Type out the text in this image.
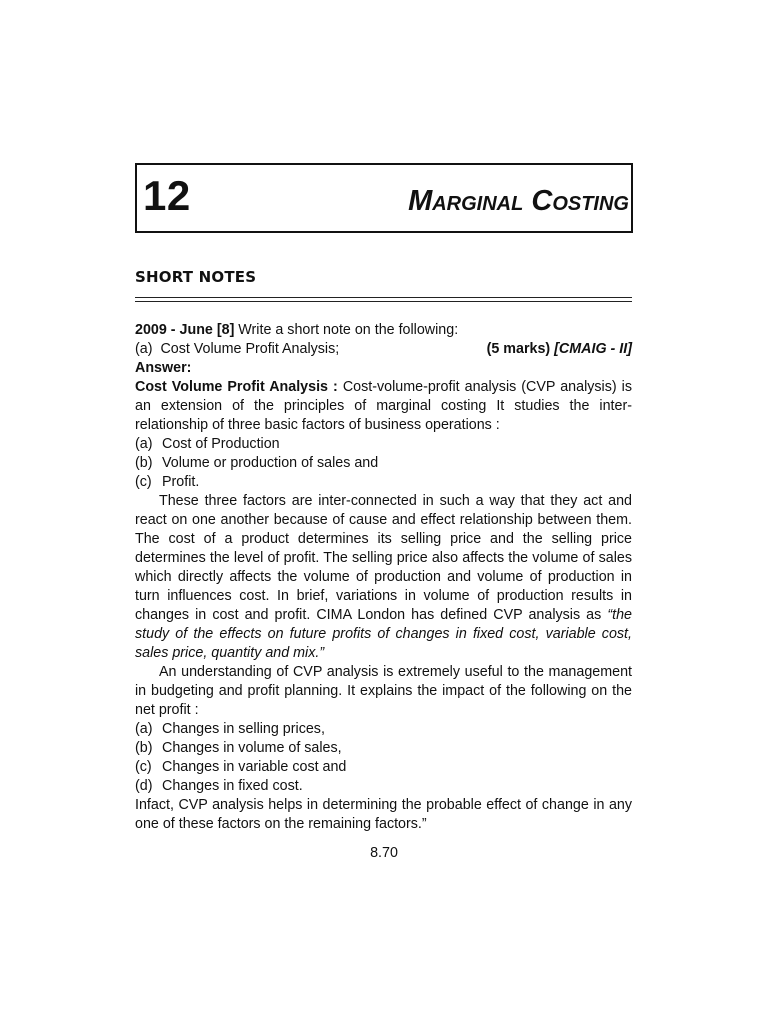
12	Marginal Costing
SHORT NOTES

2009 - June [8] Write a short note on the following:

(a) Cost Volume Profit Analysis;	(5 marks) [CMAIG - II]

Answer:

Cost Volume Profit Analysis : Cost-volume-profit analysis (CVP analysis) is an extension of the principles of marginal costing It studies the inter-relationship of three basic factors of business operations :

(a) Cost of Production
(b) Volume or production of sales and
(c) Profit.

These three factors are inter-connected in such a way that they act and react on one another because of cause and effect relationship between them. The cost of a product determines its selling price and the selling price determines the level of profit. The selling price also affects the volume of sales which directly affects the volume of production and volume of production in turn influences cost. In brief, variations in volume of production results in changes in cost and profit. CIMA London has defined CVP analysis as “the study of the effects on future profits of changes in fixed cost, variable cost, sales price, quantity and mix.”

An understanding of CVP analysis is extremely useful to the management in budgeting and profit planning. It explains the impact of the following on the net profit :

(a) Changes in selling prices,
(b) Changes in volume of sales,
(c) Changes in variable cost and
(d) Changes in fixed cost.

Infact, CVP analysis helps in determining the probable effect of change in any one of these factors on the remaining factors.”

8.70
